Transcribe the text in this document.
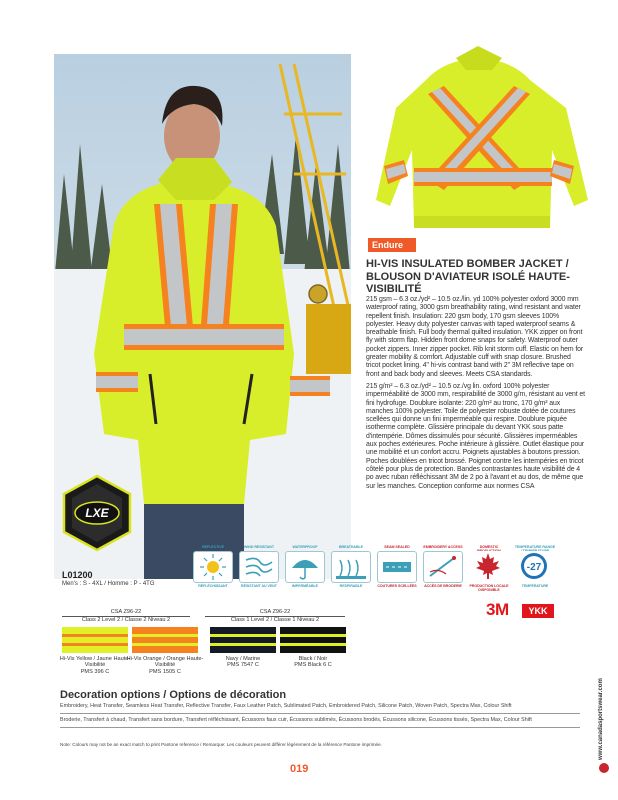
LXE
Endure
HI-VIS INSULATED BOMBER JACKET /
BLOUSON D'AVIATEUR ISOLÉ HAUTE-VISIBILITÉ

215 gsm – 6.3 oz./yd² – 10.5 oz./lin. yd 100% polyester oxford 3000 mm waterproof rating, 3000 gsm breathability rating, wind resistant and water repellent finish. Insulation: 220 gsm body, 170 gsm sleeves 100% polyester. Heavy duty polyester canvas with taped waterproof seams & breathable finish. Full body thermal quilted insulation. YKK zipper on front fly with storm flap. Hidden front dome snaps for safety. Waterproof outer pocket zippers. Inner zipper pocket. Rib knit storm cuff. Elastic on hem for greater mobility & comfort. Adjustable cuff with snap closure. Brushed tricot pocket lining. 4" hi-vis contrast band with 2" 3M reflective tape on front and back body and sleeves. Meets CSA standards.

215 g/m² – 6.3 oz./yd² – 10.5 oz./vg lin. oxford 100% polyester imperméabilité de 3000 mm, respirabilité de 3000 g/m, résistant au vent et fini hydrofuge. Doublure isolante: 220 g/m² au tronc, 170 g/m² aux manches 100% polyester. Toile de polyester robuste dotée de coutures scellées qui donne un fini imperméable qui respire. Doublure piquée isotherme complète. Glissière principale du devant YKK sous patte d'intempérie. Dômes dissimulés pour sécurité. Glissières imperméables aux poches extérieures. Poche intérieure à glissière. Outlet élastique pour une mobilité et un confort accru. Poignets ajustables à boutons pression. Poches doublées en tricot brossé. Poignet contre les intempéries en tricot côtelé pour plus de protection. Bandes contrastantes haute visibilité de 4 po avec ruban réfléchissant 3M de 2 po à l'avant et au dos, de même que sur les manches. Conception conforme aux normes CSA

REFLECTIVE
RÉFLÉCHISSANT
WIND RESISTANT
RÉSISTANT AU VENT
WATERPROOF
IMPERMÉABLE
BREATHABLE
RESPIRABLE
SEAM SEALED
COUTURES SCELLÉES
EMBROIDERY ACCESS
ACCÈS DE BRODERIE
DOMESTIC
PRODUCTION LOCALE DISPONIBLE
TEMPERATURE RANGE
-27
TEMPÉRATURE
L01200
Men's : S - 4XL / Homme : P - 4TG
3M	YKK
CSA Z96-22
Class 2 Level 2 / Classe 2 Niveau 2
CSA Z96-22
Class 1 Level 2 / Classe 1 Niveau 2
Hi-Vis Yellow / Jaune Haute-Visibilité
PMS 396 C
Hi-Vis Orange / Orange Haute-Visibilité
PMS 1505 C
Navy / Marine
PMS 7547 C
Black / Noir
PMS Black 6 C
Decoration options / Options de décoration
Embroidery, Heat Transfer, Seamless Heat Transfer, Reflective Transfer, Faux Leather Patch, Sublimated Patch, Embroidered Patch, Silicone Patch, Woven Patch, Spectra Max, Colour Shift
Broderie, Transfert à chaud, Transfert sans bordure, Transfert réfléchissant, Écussons faux cuir, Écussons sublimés, Écussons brodés, Écussons silicone, Écussons tissés, Spectra Max, Colour Shift
Note: Colours may not be an exact match to print Pantone reference / Remarque: Les couleurs peuvent différer légèrement de la référence Pantone imprimée.
019
www.canadasportswear.com
